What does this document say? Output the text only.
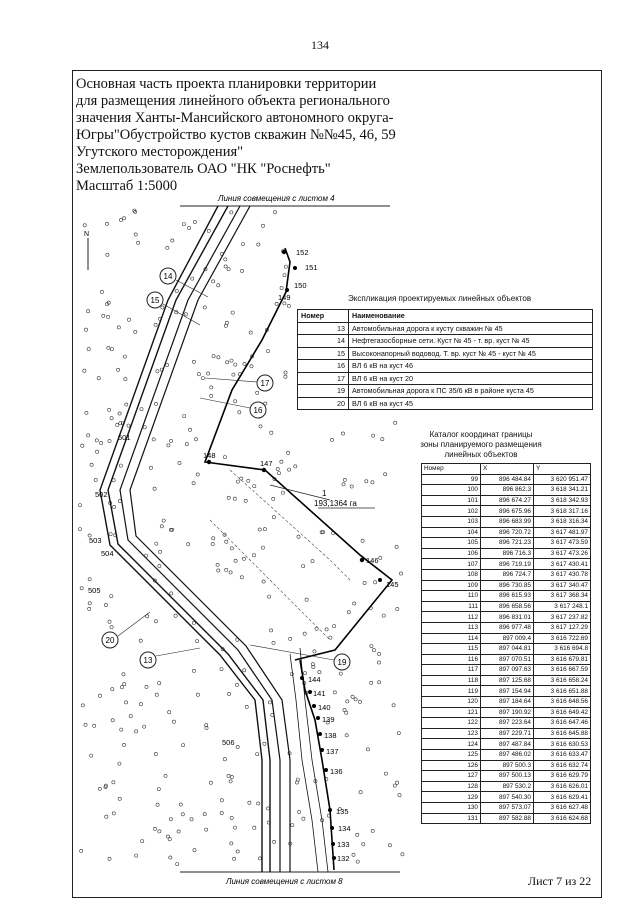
134
Основная часть проекта планировки территории
для размещения линейного объекта регионального
значения Ханты-Мансийского автономного округа-
Югры"Обустройство кустов скважин №№45, 46, 59
Угутского месторождения"
Землепользователь ОАО "НК "Роснефть"
Масштаб 1:5000
Линия совмещения с листом 4
Линия совмещения с листом 8
N
1
193,1364 га
152
151
150
149
148
147
146
145
144
141
140
139
138
137
136
135
134
133
132
501
502
503
504
505
506
14
15
17
16
20
13	19
Экспликация проектируемых линейных объектов
Номер	Наименование
13	Автомобильная дорога к кусту скважин № 45
14	Нефтегазосборные сети. Куст № 45 - т. вр. куст № 45
15	Высоконапорный водовод. Т. вр. куст № 45 - куст № 45
16	ВЛ 6 кВ на куст 46
17	ВЛ 6 кВ на куст 20
19	Автомобильная дорога к ПС 35/6 кВ в районе куста 45
20	ВЛ 6 кВ на куст 45
Каталог координат границы
зоны планируемого размещения
линейных объектов
Номер	X	Y
99	896 484.84	3 620 951.47
100	896 862.3	3 618 341.21
101	896 674.27	3 618 342.93
102	896 675.96	3 618 317.16
103	896 683.99	3 618 316.34
104	896 720.72	3 617 481.97
105	896 721.23	3 617 473.59
106	896 716.3	3 617 473.26
107	896 719.19	3 617 430.41
108	896 724.7	3 617 430.78
109	896 730.85	3 617 340.47
110	896 615.93	3 617 368.34
111	896 658.56	3 617 248.1
112	896 831.01	3 617 237.82
113	896 977.48	3 617 127.29
114	897 009.4	3 616 722.69
115	897 044.81	3 616 694.8
116	897 070.51	3 616 679.81
117	897 097.63	3 616 667.59
118	897 125.68	3 616 658.24
119	897 154.94	3 616 651.88
120	897 184.64	3 616 648.56
121	897 190.92	3 616 649.42
122	897 223.64	3 616 647.46
123	897 229.71	3 616 645.88
124	897 487.84	3 616 630.53
125	897 486.02	3 616 633.47
126	897 500.3	3 616 632.74
127	897 500.13	3 616 629.79
128	897 530.2	3 616 626.01
129	897 540.30	3 616 629.41
130	897 573.07	3 616 627.48
131	897 582.88	3 616 624.68
Лист 7 из 22
